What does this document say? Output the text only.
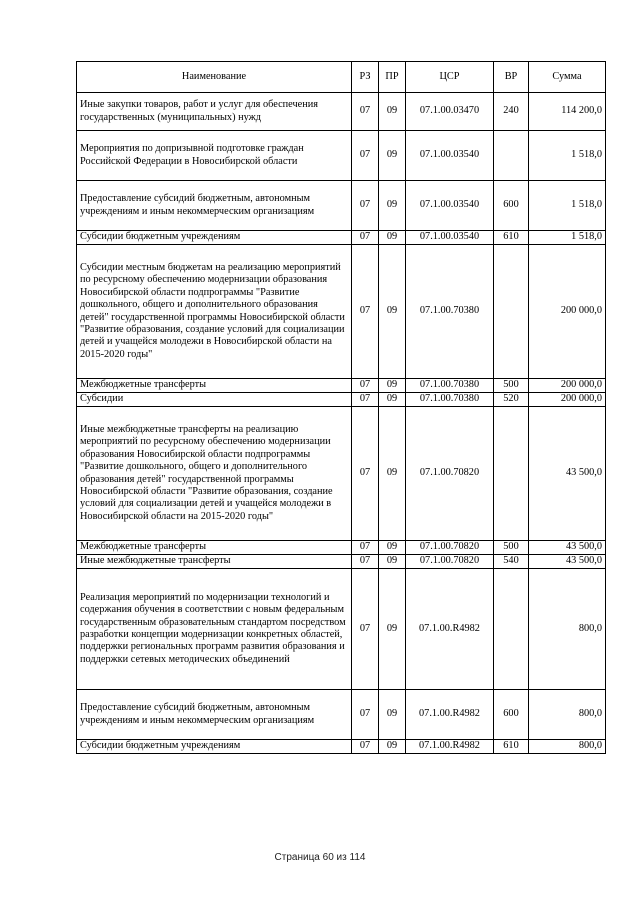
Наименование	РЗ	ПР	ЦСР	ВР	Сумма
Иные закупки товаров, работ и услуг для обеспечения государственных (муниципальных) нужд	07	09	07.1.00.03470	240	114 200,0
Мероприятия по допризывной подготовке граждан Российской Федерации в Новосибирской области	07	09	07.1.00.03540		1 518,0
Предоставление субсидий бюджетным, автономным учреждениям и иным некоммерческим организациям	07	09	07.1.00.03540	600	1 518,0
Субсидии бюджетным учреждениям	07	09	07.1.00.03540	610	1 518,0
Субсидии местным бюджетам на реализацию мероприятий по ресурсному обеспечению модернизации образования Новосибирской области подпрограммы "Развитие дошкольного, общего и дополнительного образования детей" государственной программы Новосибирской области "Развитие образования, создание условий для социализации детей и учащейся молодежи в Новосибирской области на 2015-2020 годы"	07	09	07.1.00.70380		200 000,0
Межбюджетные трансферты	07	09	07.1.00.70380	500	200 000,0
Субсидии	07	09	07.1.00.70380	520	200 000,0
Иные межбюджетные трансферты на реализацию мероприятий по ресурсному обеспечению модернизации образования Новосибирской области подпрограммы "Развитие дошкольного, общего и дополнительного образования детей" государственной программы Новосибирской области "Развитие образования, создание условий для социализации детей и учащейся молодежи в Новосибирской области на 2015-2020 годы"	07	09	07.1.00.70820		43 500,0
Межбюджетные трансферты	07	09	07.1.00.70820	500	43 500,0
Иные межбюджетные трансферты	07	09	07.1.00.70820	540	43 500,0
Реализация мероприятий по модернизации технологий и содержания обучения в соответствии с новым федеральным государственным образовательным стандартом посредством разработки концепции модернизации конкретных областей, поддержки региональных программ развития образования и поддержки сетевых методических объединений	07	09	07.1.00.R4982		800,0
Предоставление субсидий бюджетным, автономным учреждениям и иным некоммерческим организациям	07	09	07.1.00.R4982	600	800,0
Субсидии бюджетным учреждениям	07	09	07.1.00.R4982	610	800,0
Страница 60 из 114
